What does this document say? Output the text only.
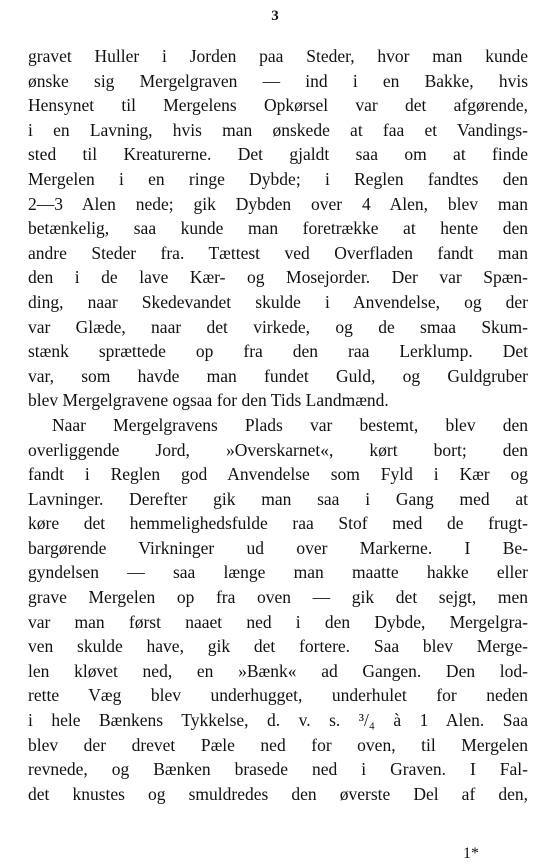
3
gravet Huller i Jorden paa Steder, hvor man kunde
ønske sig Mergelgraven — ind i en Bakke, hvis
Hensynet til Mergelens Opkørsel var det afgørende,
i en Lavning, hvis man ønskede at faa et Vandings-
sted til Kreaturerne. Det gjaldt saa om at finde
Mergelen i en ringe Dybde; i Reglen fandtes den
2—3 Alen nede; gik Dybden over 4 Alen, blev man
betænkelig, saa kunde man foretrække at hente den
andre Steder fra. Tættest ved Overfladen fandt man
den i de lave Kær- og Mosejorder. Der var Spæn-
ding, naar Skedevandet skulde i Anvendelse, og der
var Glæde, naar det virkede, og de smaa Skum-
stænk sprættede op fra den raa Lerklump. Det
var, som havde man fundet Guld, og Guldgruber
blev Mergelgravene ogsaa for den Tids Landmænd.
Naar Mergelgravens Plads var bestemt, blev den
overliggende Jord, »Overskarnet«, kørt bort; den
fandt i Reglen god Anvendelse som Fyld i Kær og
Lavninger. Derefter gik man saa i Gang med at
køre det hemmelighedsfulde raa Stof med de frugt-
bargørende Virkninger ud over Markerne. I Be-
gyndelsen — saa længe man maatte hakke eller
grave Mergelen op fra oven — gik det sejgt, men
var man først naaet ned i den Dybde, Mergelgra-
ven skulde have, gik det fortere. Saa blev Merge-
len kløvet ned, en »Bænk« ad Gangen. Den lod-
rette Væg blev underhugget, underhulet for neden
i hele Bænkens Tykkelse, d. v. s. ³/₄ à 1 Alen. Saa
blev der drevet Pæle ned for oven, til Mergelen
revnede, og Bænken brasede ned i Graven. I Fal-
det knustes og smuldredes den øverste Del af den,
1*
